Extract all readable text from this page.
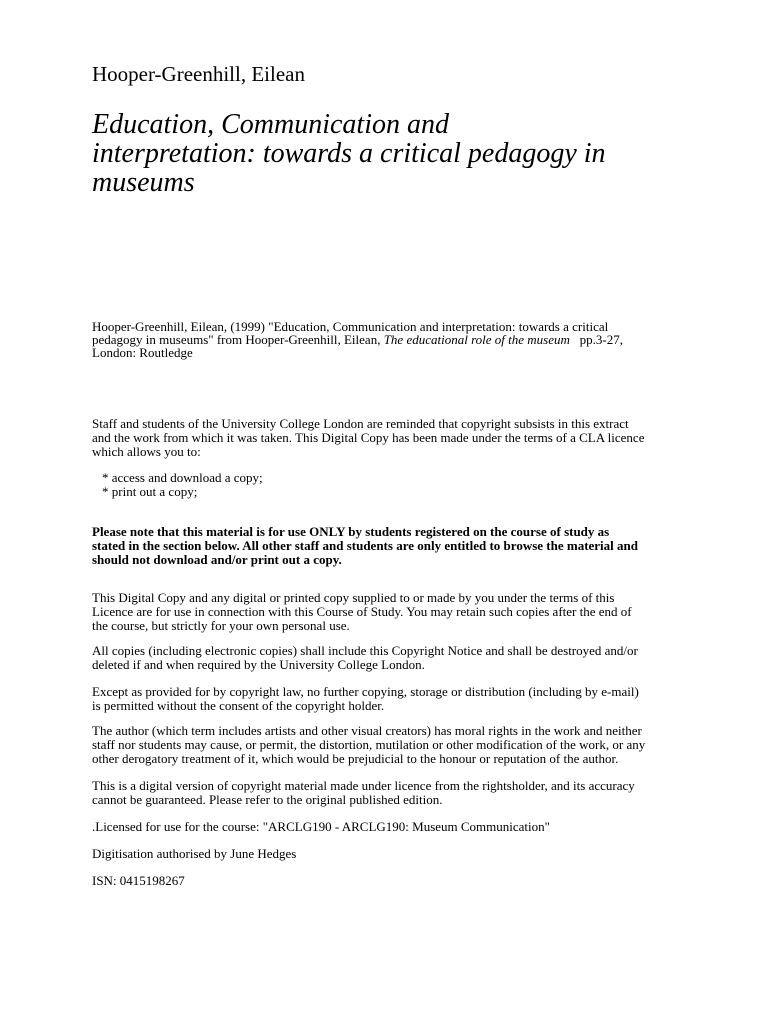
Hooper-Greenhill, Eilean
Education, Communication and
interpretation: towards a critical pedagogy in
museums
Hooper-Greenhill, Eilean, (1999) "Education, Communication and interpretation: towards a critical
pedagogy in museums" from Hooper-Greenhill, Eilean, The educational role of the museum   pp.3-27,
London: Routledge
Staff and students of the University College London are reminded that copyright subsists in this extract
and the work from which it was taken. This Digital Copy has been made under the terms of a CLA licence
which allows you to:
* access and download a copy;
* print out a copy;
Please note that this material is for use ONLY by students registered on the course of study as
stated in the section below. All other staff and students are only entitled to browse the material and
should not download and/or print out a copy.
This Digital Copy and any digital or printed copy supplied to or made by you under the terms of this
Licence are for use in connection with this Course of Study. You may retain such copies after the end of
the course, but strictly for your own personal use.
All copies (including electronic copies) shall include this Copyright Notice and shall be destroyed and/or
deleted if and when required by the University College London.
Except as provided for by copyright law, no further copying, storage or distribution (including by e-mail)
is permitted without the consent of the copyright holder.
The author (which term includes artists and other visual creators) has moral rights in the work and neither
staff nor students may cause, or permit, the distortion, mutilation or other modification of the work, or any
other derogatory treatment of it, which would be prejudicial to the honour or reputation of the author.
This is a digital version of copyright material made under licence from the rightsholder, and its accuracy
cannot be guaranteed. Please refer to the original published edition.
.Licensed for use for the course: "ARCLG190 - ARCLG190: Museum Communication"
Digitisation authorised by June Hedges
ISN: 0415198267
